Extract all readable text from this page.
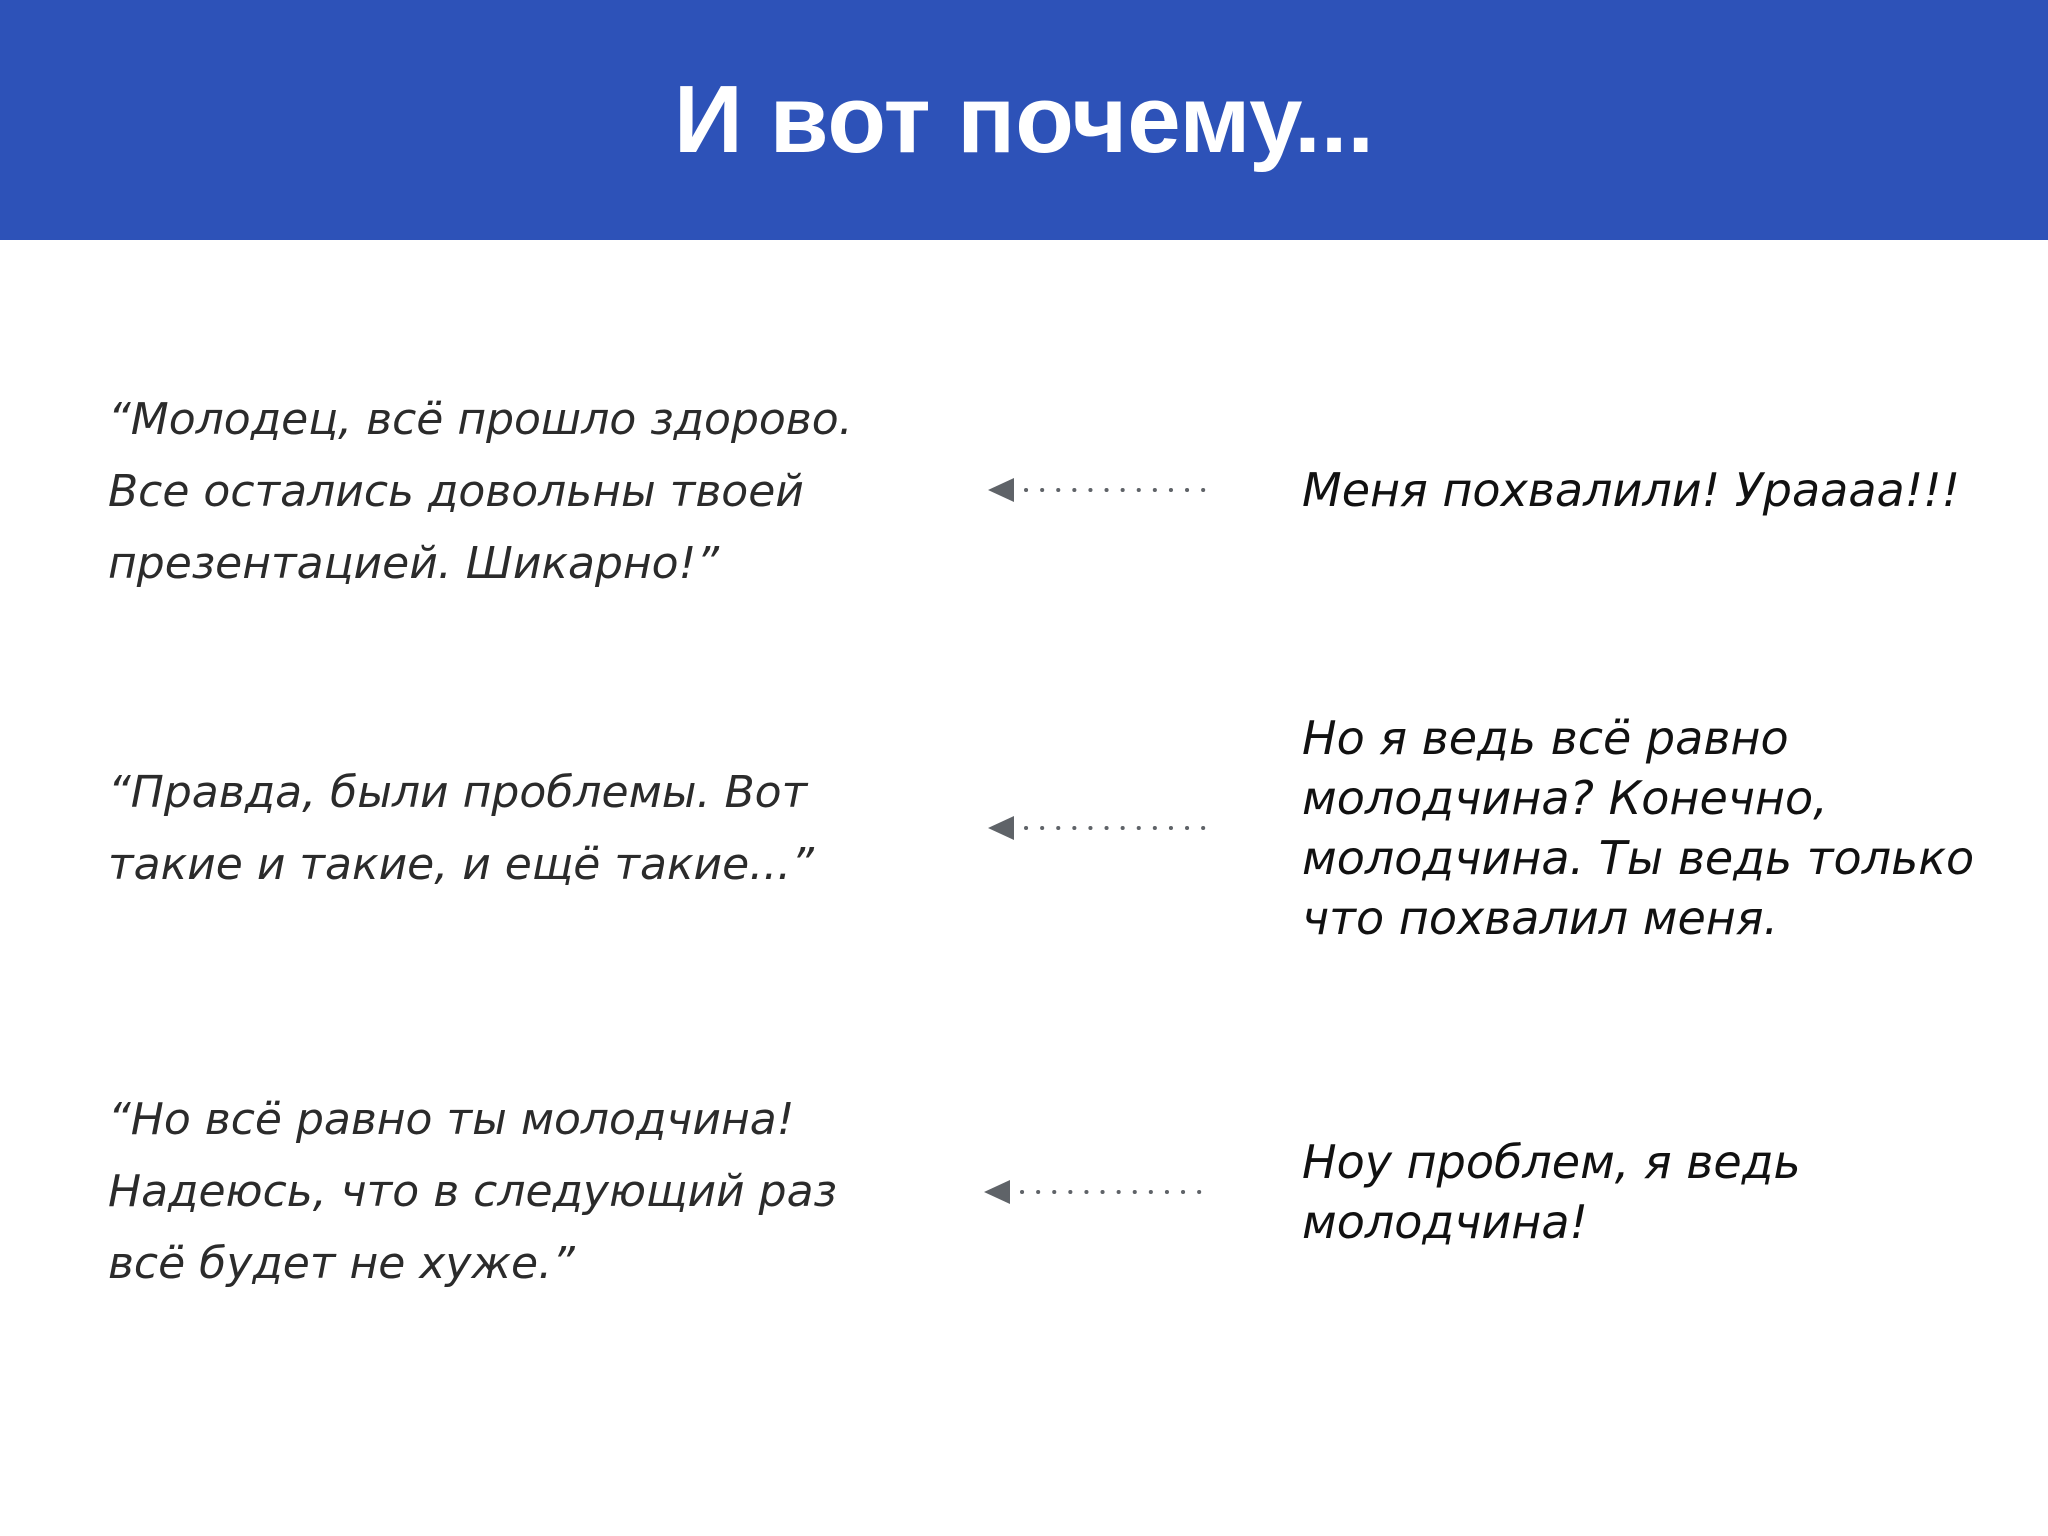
И вот почему...

“Молодец, всё прошло здорово.
Все остались довольны твоей
презентацией. Шикарно!”

Меня похвалили! Урaaaa!!!

“Правда, были проблемы. Вот
такие и такие, и ещё такие...”

Но я ведь всё равно
молодчина? Конечно,
молодчина. Ты ведь только
что похвалил меня.

“Но всё равно ты молодчина!
Надеюсь, что в следующий раз
всё будет не хуже.”

Ноу проблем, я ведь
молодчина!
